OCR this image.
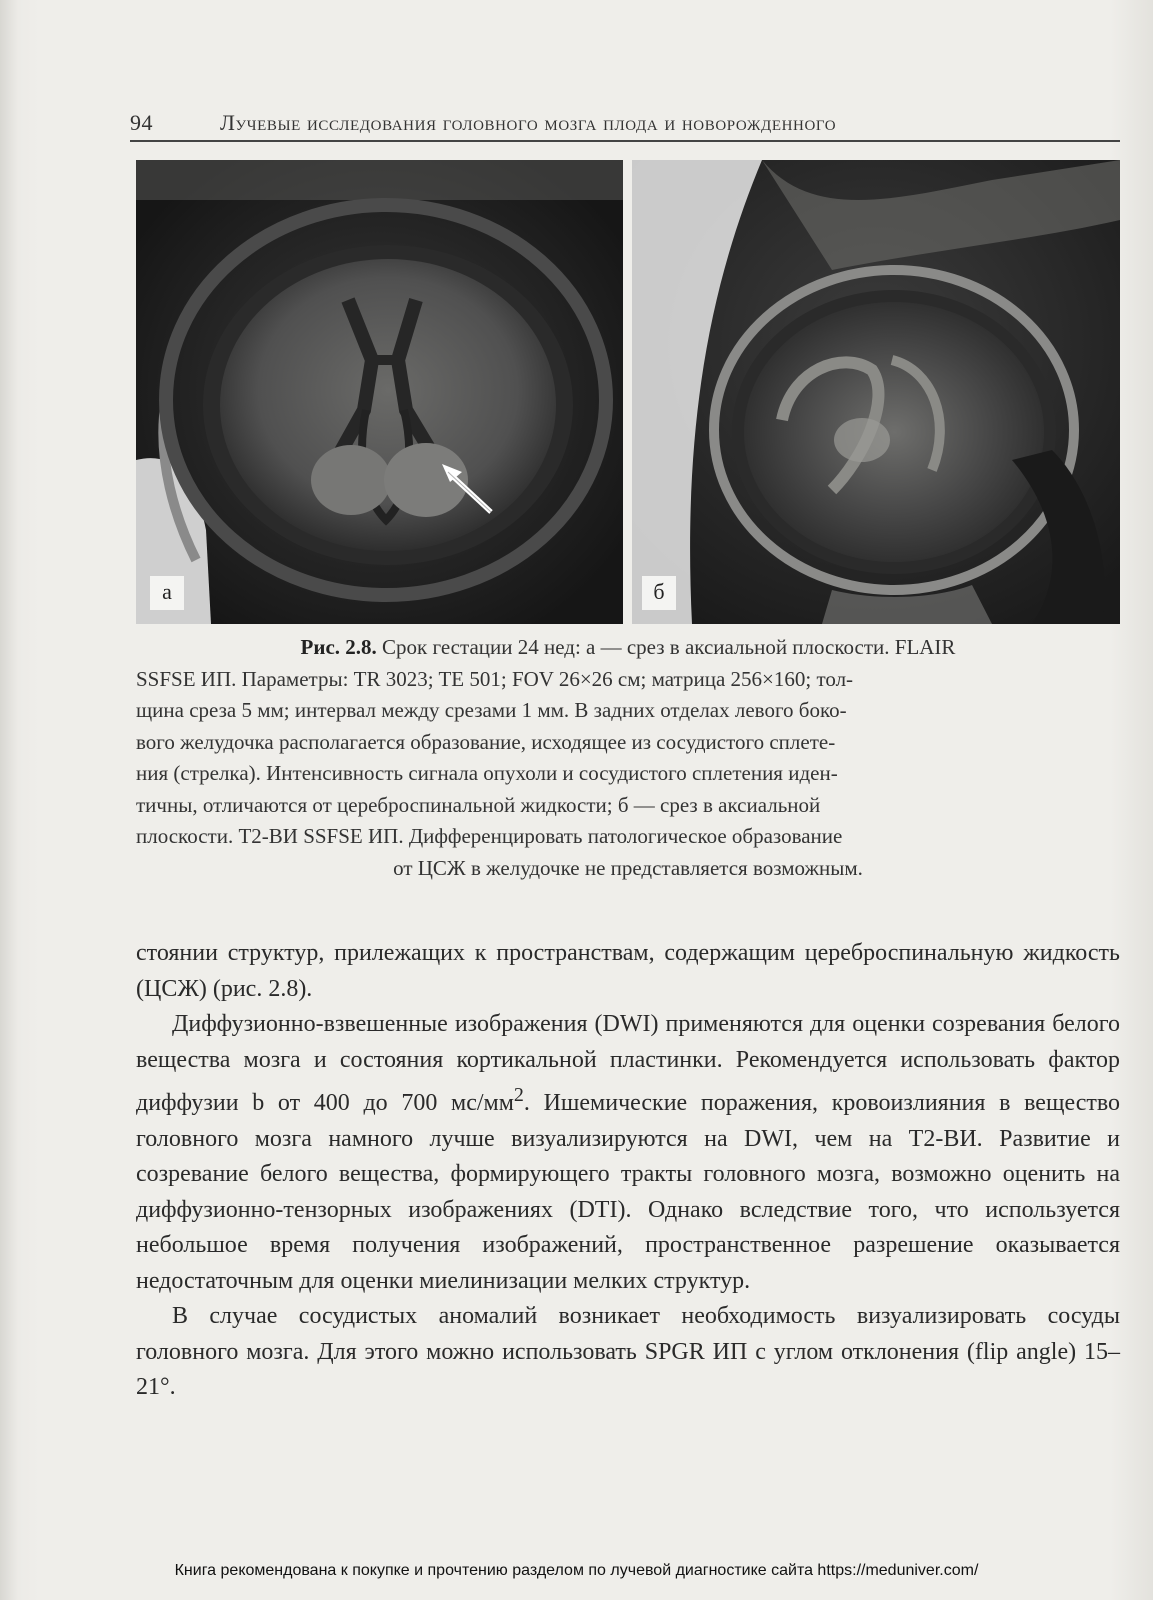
94	Лучевые исследования головного мозга плода и новорожденного
а	б
Рис. 2.8. Срок гестации 24 нед: а — срез в аксиальной плоскости. FLAIR
SSFSE ИП. Параметры: TR 3023; TE 501; FOV 26×26 см; матрица 256×160; тол-
щина среза 5 мм; интервал между срезами 1 мм. В задних отделах левого боко-
вого желудочка располагается образование, исходящее из сосудистого сплете-
ния (стрелка). Интенсивность сигнала опухоли и сосудистого сплетения иден-
тичны, отличаются от цереброспинальной жидкости; б — срез в аксиальной
плоскости. Т2-ВИ SSFSE ИП. Дифференцировать патологическое образование
от ЦСЖ в желудочке не представляется возможным.

стоянии структур, прилежащих к пространствам, содержащим цереброспинальную жидкость (ЦСЖ) (рис. 2.8).

Диффузионно-взвешенные изображения (DWI) применяются для оценки созревания белого вещества мозга и состояния кортикальной пластинки. Рекомендуется использовать фактор диффузии b от 400 до 700 $мс/мм^2$. Ишемические поражения, кровоизлияния в вещество головного мозга намного лучше визуализируются на DWI, чем на Т2-ВИ. Развитие и созревание белого вещества, формирующего тракты головного мозга, возможно оценить на диффузионно-тензорных изображениях (DTI). Однако вследствие того, что используется небольшое время получения изображений, пространственное разрешение оказывается недостаточным для оценки миелинизации мелких структур.

В случае сосудистых аномалий возникает необходимость визуализировать сосуды головного мозга. Для этого можно использовать SPGR ИП с углом отклонения (flip angle) 15–21°.

Книга рекомендована к покупке и прочтению разделом по лучевой диагностике сайта https://meduniver.com/
